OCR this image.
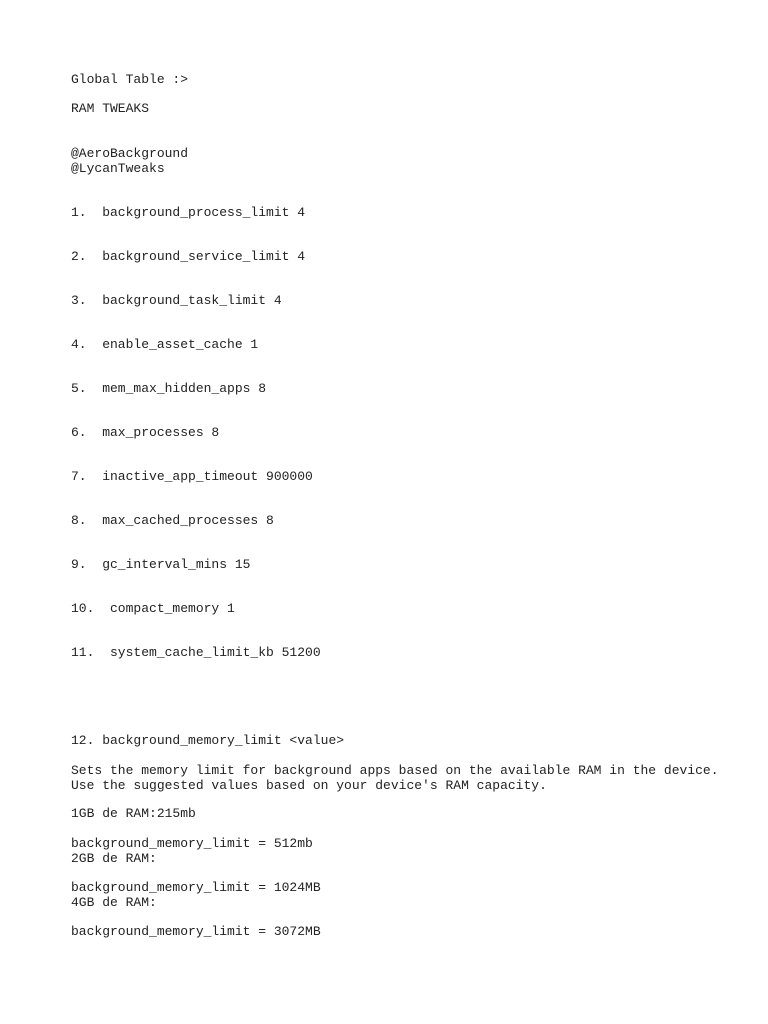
Global Table :>

RAM TWEAKS

@AeroBackground

@LycanTweaks

1.  background_process_limit 4

2.  background_service_limit 4

3.  background_task_limit 4

4.  enable_asset_cache 1

5.  mem_max_hidden_apps 8

6.  max_processes 8

7.  inactive_app_timeout 900000

8.  max_cached_processes 8

9.  gc_interval_mins 15

10.  compact_memory 1

11.  system_cache_limit_kb 51200

12. background_memory_limit <value>

Sets the memory limit for background apps based on the available RAM in the device.

Use the suggested values based on your device's RAM capacity.

1GB de RAM:215mb

background_memory_limit = 512mb

2GB de RAM:

background_memory_limit = 1024MB

4GB de RAM:

background_memory_limit = 3072MB
